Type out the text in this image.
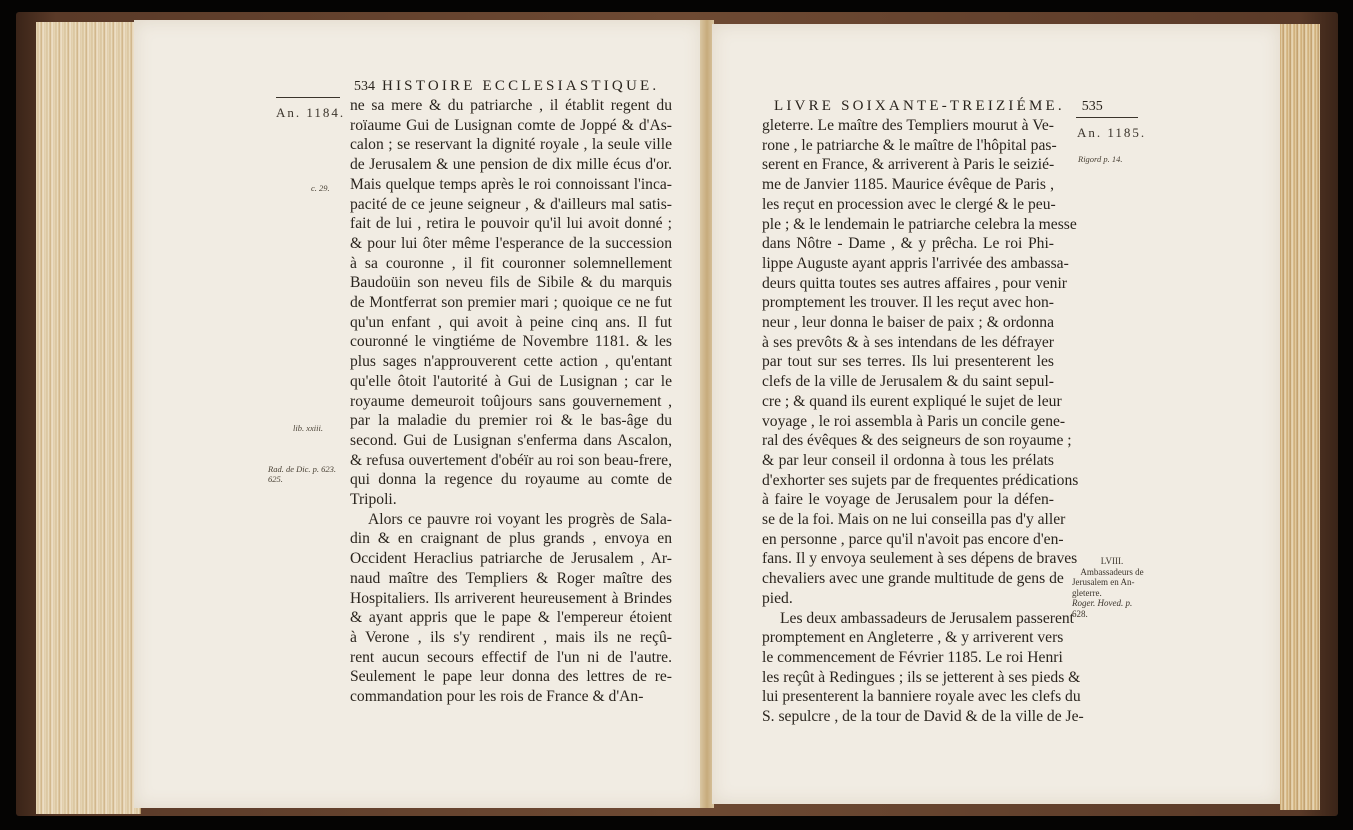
534 HISTOIRE ECCLESIASTIQUE.
An. 1184.
c. 29.
lib. xxiii.
Rad. de Dic. p. 623.
625.
ne sa mere & du patriarche , il établit regent du
roïaume Gui de Lusignan comte de Joppé & d'As-
calon ; se reservant la dignité royale , la seule ville
de Jerusalem & une pension de dix mille écus d'or.
Mais quelque temps après le roi connoissant l'inca-
pacité de ce jeune seigneur , & d'ailleurs mal satis-
fait de lui , retira le pouvoir qu'il lui avoit donné ;
& pour lui ôter même l'esperance de la succession
à sa couronne , il fit couronner solemnellement
Baudoüin son neveu fils de Sibile & du marquis
de Montferrat son premier mari ; quoique ce ne fut
qu'un enfant , qui avoit à peine cinq ans. Il fut
couronné le vingtiéme de Novembre 1181. & les
plus sages n'approuverent cette action , qu'entant
qu'elle ôtoit l'autorité à Gui de Lusignan ; car le
royaume demeuroit toûjours sans gouvernement ,
par la maladie du premier roi & le bas-âge du
second. Gui de Lusignan s'enferma dans Ascalon,
& refusa ouvertement d'obéïr au roi son beau-frere,
qui donna la regence du royaume au comte de
Tripoli.
Alors ce pauvre roi voyant les progrès de Sala-
din & en craignant de plus grands , envoya en
Occident Heraclius patriarche de Jerusalem , Ar-
naud maître des Templiers & Roger maître des
Hospitaliers. Ils arriverent heureusement à Brindes
& ayant appris que le pape & l'empereur étoient
à Verone , ils s'y rendirent , mais ils ne reçû-
rent aucun secours effectif de l'un ni de l'autre.
Seulement le pape leur donna des lettres de re-
commandation pour les rois de France & d'An-
LIVRE SOIXANTE-TREIZIÉME. 535
An. 1185.
Rigord p. 14.
LVIII.
Ambassadeurs de
Jerusalem en An-
gleterre.
Roger. Hoved. p.
628.
gleterre. Le maître des Templiers mourut à Ve-
rone , le patriarche & le maître de l'hôpital pas-
serent en France, & arriverent à Paris le seizié-
me de Janvier 1185. Maurice évêque de Paris ,
les reçut en procession avec le clergé & le peu-
ple ; & le lendemain le patriarche celebra la messe
dans Nôtre - Dame , & y prêcha. Le roi Phi-
lippe Auguste ayant appris l'arrivée des ambassa-
deurs quitta toutes ses autres affaires , pour venir
promptement les trouver. Il les reçut avec hon-
neur , leur donna le baiser de paix ; & ordonna
à ses prevôts & à ses intendans de les défrayer
par tout sur ses terres. Ils lui presenterent les
clefs de la ville de Jerusalem & du saint sepul-
cre ; & quand ils eurent expliqué le sujet de leur
voyage , le roi assembla à Paris un concile gene-
ral des évêques & des seigneurs de son royaume ;
& par leur conseil il ordonna à tous les prélats
d'exhorter ses sujets par de frequentes prédications
à faire le voyage de Jerusalem pour la défen-
se de la foi. Mais on ne lui conseilla pas d'y aller
en personne , parce qu'il n'avoit pas encore d'en-
fans. Il y envoya seulement à ses dépens de braves
chevaliers avec une grande multitude de gens de
pied.
Les deux ambassadeurs de Jerusalem passerent
promptement en Angleterre , & y arriverent vers
le commencement de Février 1185. Le roi Henri
les reçût à Redingues ; ils se jetterent à ses pieds &
lui presenterent la banniere royale avec les clefs du
S. sepulcre , de la tour de David & de la ville de Je-
